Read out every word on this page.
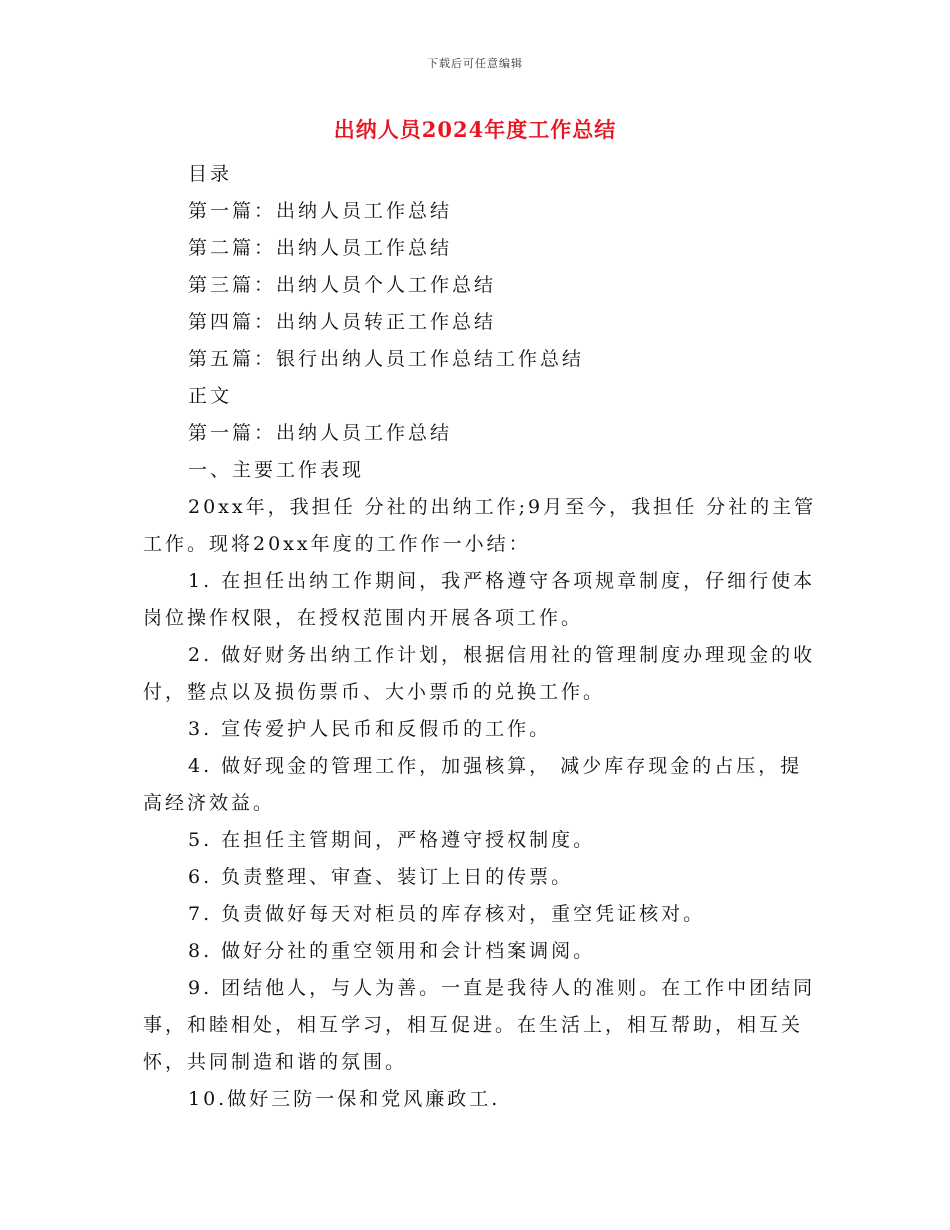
下载后可任意编辑
出纳人员2024年度工作总结

目录

第一篇：出纳人员工作总结

第二篇：出纳人员工作总结

第三篇：出纳人员个人工作总结

第四篇：出纳人员转正工作总结

第五篇：银行出纳人员工作总结工作总结

正文

第一篇：出纳人员工作总结

一、主要工作表现

20xx年，我担任 分社的出纳工作;9月至今，我担任 分社的主管
工作。现将20xx年度的工作作一小结：

1. 在担任出纳工作期间，我严格遵守各项规章制度，仔细行使本
岗位操作权限，在授权范围内开展各项工作。

2. 做好财务出纳工作计划，根据信用社的管理制度办理现金的收
付，整点以及损伤票币、大小票币的兑换工作。

3. 宣传爱护人民币和反假币的工作。

4. 做好现金的管理工作，加强核算， 减少库存现金的占压，提
高经济效益。

5. 在担任主管期间，严格遵守授权制度。

6. 负责整理、审查、装订上日的传票。

7. 负责做好每天对柜员的库存核对，重空凭证核对。

8. 做好分社的重空领用和会计档案调阅。

9. 团结他人，与人为善。一直是我待人的准则。在工作中团结同
事，和睦相处，相互学习，相互促进。在生活上，相互帮助，相互关
怀，共同制造和谐的氛围。

10.做好三防一保和党风廉政工.
